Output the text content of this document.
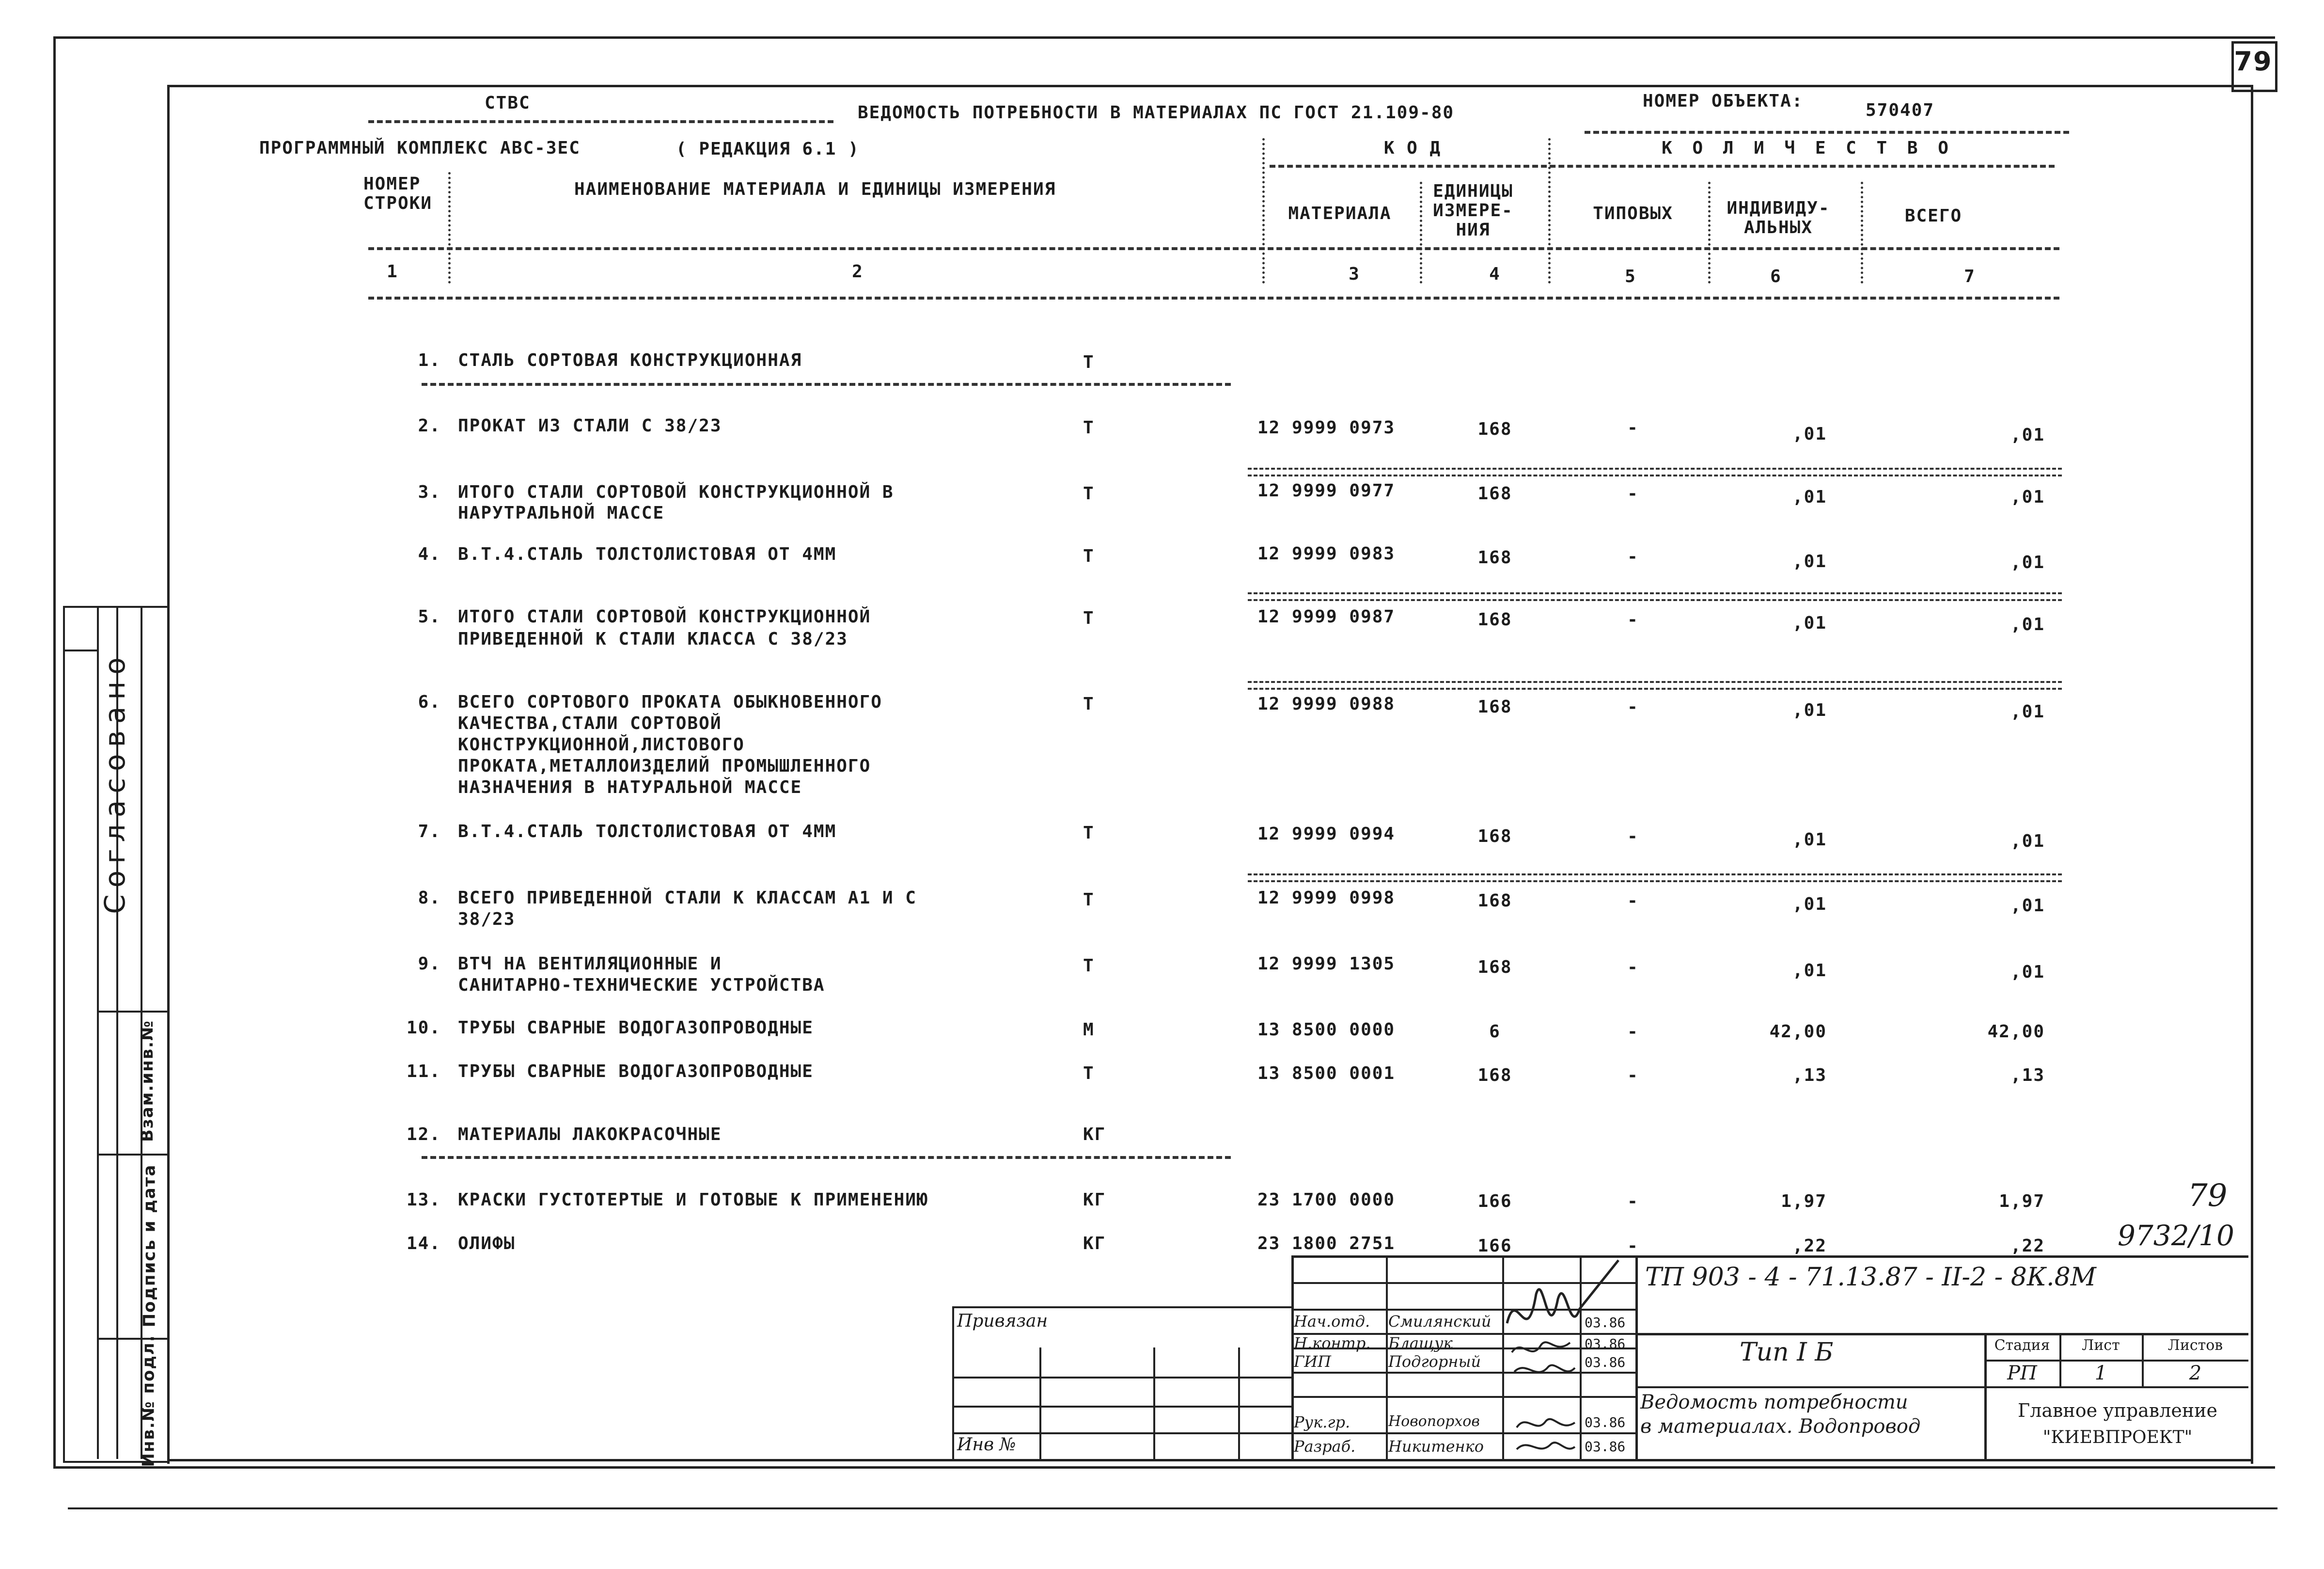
79
СТВС	ВЕДОМОСТЬ ПОТРЕБНОСТИ В МАТЕРИАЛАХ ПС ГОСТ 21.109-80
НОМЕР ОБЪЕКТА:	570407
ПРОГРАММНЫЙ КОМПЛЕКС АВС-ЗЕС	( РЕДАКЦИЯ 6.1 )
НОМЕР СТРОКИ
НАИМЕНОВАНИЕ МАТЕРИАЛА И ЕДИНИЦЫ ИЗМЕРЕНИЯ
К О Д	К О Л И Ч Е С Т В О
МАТЕРИАЛА
ЕДИНИЦЫ ИЗМЕРЕ- НИЯ
ТИПОВЫХ	ИНДИВИДУ- АЛЬНЫХ
ВСЕГО
1	2	3	4	5	6	7
1. СТАЛЬ СОРТОВАЯ КОНСТРУКЦИОННАЯ	Т
2. ПРОКАТ ИЗ СТАЛИ С 38/23	Т	12 9999 0973	168	-	,01	,01
3. ИТОГО СТАЛИ СОРТОВОЙ КОНСТРУКЦИОННОЙ В
НАРУТРАЛЬНОЙ МАССЕ
Т	12 9999 0977	168	-	,01	,01
4. В.Т.4.СТАЛЬ ТОЛСТОЛИСТОВАЯ ОТ 4ММ	Т	12 9999 0983	168	-	,01	,01
5. ИТОГО СТАЛИ СОРТОВОЙ КОНСТРУКЦИОННОЙ
ПРИВЕДЕННОЙ К СТАЛИ КЛАССА С 38/23
Т	12 9999 0987	168	-	,01	,01
6. ВСЕГО СОРТОВОГО ПРОКАТА ОБЫКНОВЕННОГО
КАЧЕСТВА,СТАЛИ СОРТОВОЙ
КОНСТРУКЦИОННОЙ,ЛИСТОВОГО
ПРОКАТА,МЕТАЛЛОИЗДЕЛИЙ ПРОМЫШЛЕННОГО
НАЗНАЧЕНИЯ В НАТУРАЛЬНОЙ МАССЕ
Т	12 9999 0988	168	-	,01	,01
7. В.Т.4.СТАЛЬ ТОЛСТОЛИСТОВАЯ ОТ 4ММ	Т	12 9999 0994	168	-	,01	,01
8. ВСЕГО ПРИВЕДЕННОЙ СТАЛИ К КЛАССАМ А1 И С
38/23
Т	12 9999 0998	168	-	,01	,01
9. ВТЧ НА ВЕНТИЛЯЦИОННЫЕ И
САНИТАРНО-ТЕХНИЧЕСКИЕ УСТРОЙСТВА
Т	12 9999 1305	168	-	,01	,01
10. ТРУБЫ СВАРНЫЕ ВОДОГАЗОПРОВОДНЫЕ	М	13 8500 0000	6	-	42,00	42,00
11. ТРУБЫ СВАРНЫЕ ВОДОГАЗОПРОВОДНЫЕ	Т	13 8500 0001	168	-	,13	,13
12. МАТЕРИАЛЫ ЛАКОКРАСОЧНЫЕ	КГ
13. КРАСКИ ГУСТОТЕРТЫЕ И ГОТОВЫЕ К ПРИМЕНЕНИЮ	КГ	23 1700 0000	166	-	1,97	1,97
14. ОЛИФЫ	КГ	23 1800 2751	166	-	,22	,22
79
9732/10
Согласовано
Взам.инв.№
Подпись и дата
Инв.№ подл.
Привязан
Инв №
Нач.отд. Смилянский	03.86
Н.контр. Блащук	03.86
ГИП	Подгорный	03.86
Рук.гр.	Новопорхов	03.86
Разраб. Никитенко	03.86
ТП 903 - 4 - 71.13.87 - II-2 - 8К.8М
Тип I Б
Ведомость потребности
в материалах. Водопровод
Стадия	Лист	Листов
РП	1	2
Главное управление
"КИЕВПРОЕКТ"
